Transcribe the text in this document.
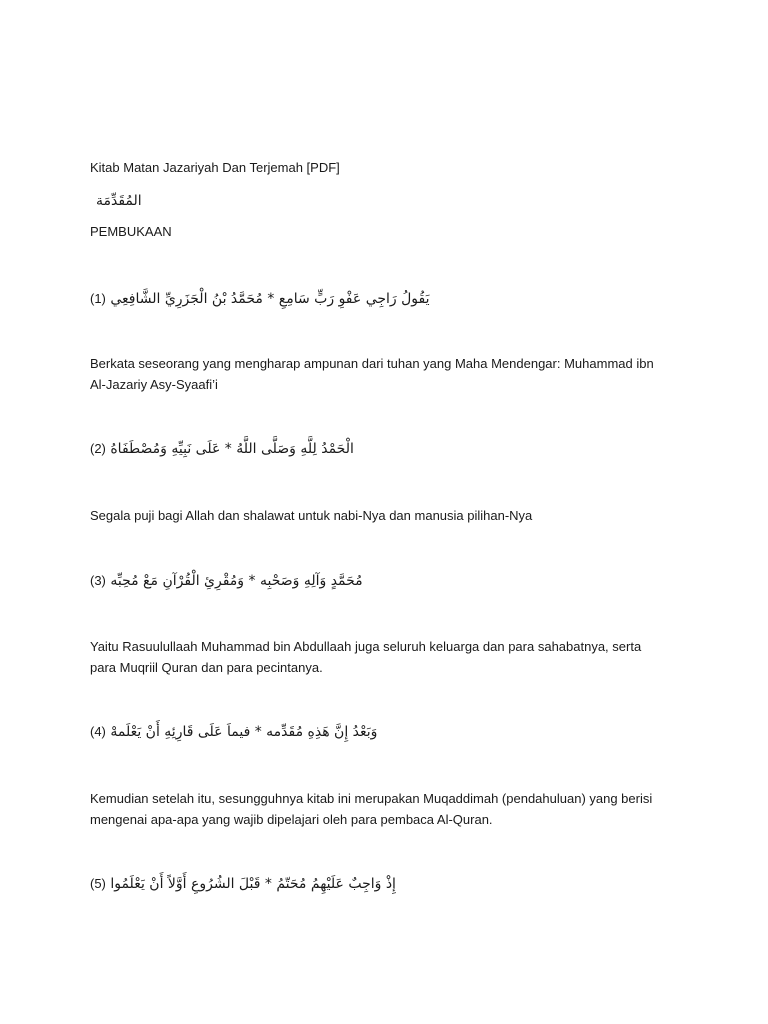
Kitab Matan Jazariyah Dan Terjemah [PDF]
المُقَدِّمَة
PEMBUKAAN
(1) يَقُولُ رَاجِي عَفْوِ رَبٍّ سَامِعِ * مُحَمَّدُ بْنُ الْجَزَرِيِّ الشَّافِعِي
Berkata seseorang yang mengharap ampunan dari tuhan yang Maha Mendengar: Muhammad ibn Al-Jazariy Asy-Syaafi’i
(2) الْحَمْدُ لِلَّهِ وَصَلَّى اللَّهُ * عَلَى نَبِيِّهِ وَمُصْطَفَاهُ
Segala puji bagi Allah dan shalawat untuk nabi-Nya dan manusia pilihan-Nya
(3) مُحَمَّدٍ وَآلِهِ وَصَحْبِه * وَمُقْرِئِ الْقُرْآنِ مَعْ مُحِبِّه
Yaitu Rasuulullaah Muhammad bin Abdullaah juga seluruh keluarga dan para sahabatnya, serta para Muqriil Quran dan para pecintanya.
(4) وَبَعْدُ إِنَّ هَذِهِ مُقَدِّمه * فيماَ عَلَى قَارِئِهِ أَنْ يَعْلَمهْ
Kemudian setelah itu, sesungguhnya kitab ini merupakan Muqaddimah (pendahuluan) yang berisi mengenai apa-apa yang wajib dipelajari oleh para pembaca Al-Quran.
(5) إِذْ وَاجِبٌ عَلَيْهِمُ مُحَتّمُ * قَبْلَ الشُرُوعِ أَوَّلاً أَنْ يَعْلَمُوا
